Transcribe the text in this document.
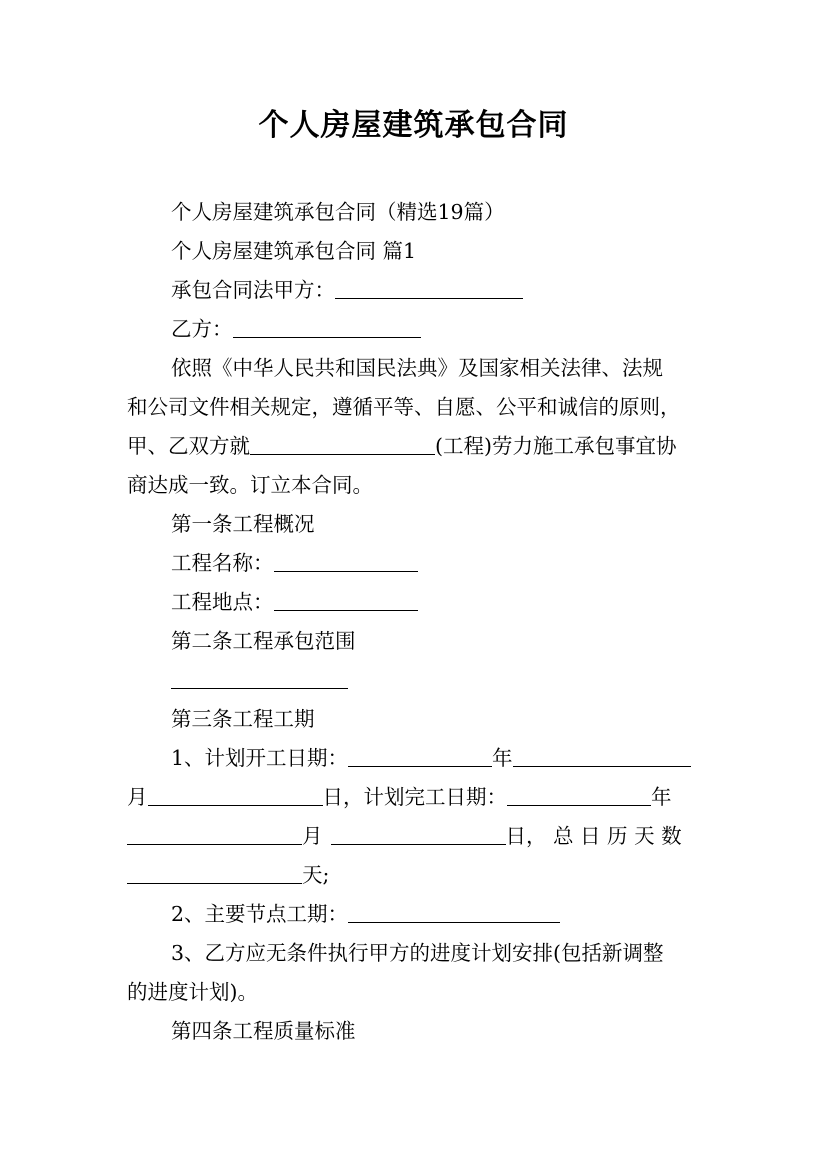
个人房屋建筑承包合同
个人房屋建筑承包合同（精选19篇）
个人房屋建筑承包合同 篇1
承包合同法甲方：
乙方：
依照《中华人民共和国民法典》及国家相关法律、法规
和公司文件相关规定，遵循平等、自愿、公平和诚信的原则，
甲、乙双方就	(工程)劳力施工承包事宜协
商达成一致。订立本合同。
第一条工程概况
工程名称：
工程地点：
第二条工程承包范围
第三条工程工期
1、计划开工日期：	年
月	日，计划完工日期：	年
月	日， 总 日 历 天 数
天;
2、主要节点工期：
3、乙方应无条件执行甲方的进度计划安排(包括新调整
的进度计划)。
第四条工程质量标准
